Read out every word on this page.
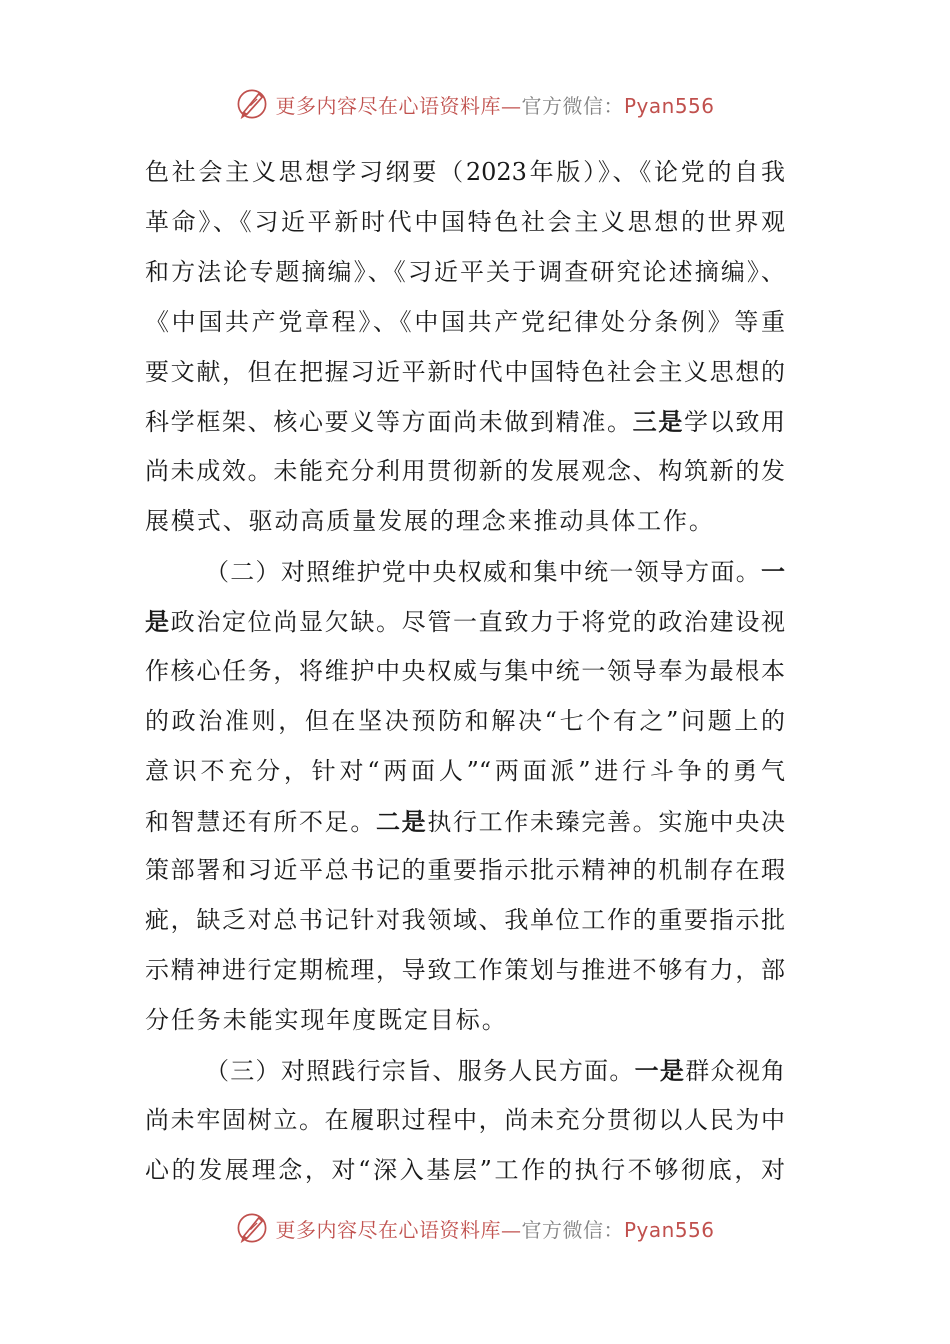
更多内容尽在心语资料库—官方微信：Pyan556
色社会主义思想学习纲要（2023年版）》、《论党的自我
革命》、《习近平新时代中国特色社会主义思想的世界观
和方法论专题摘编》、《习近平关于调查研究论述摘编》、
《中国共产党章程》、《中国共产党纪律处分条例》等重
要文献，但在把握习近平新时代中国特色社会主义思想的
科学框架、核心要义等方面尚未做到精准。三是学以致用
尚未成效。未能充分利用贯彻新的发展观念、构筑新的发
展模式、驱动高质量发展的理念来推动具体工作。
（二）对照维护党中央权威和集中统一领导方面。一
是政治定位尚显欠缺。尽管一直致力于将党的政治建设视
作核心任务，将维护中央权威与集中统一领导奉为最根本
的政治准则，但在坚决预防和解决“七个有之”问题上的
意识不充分，针对“两面人”“两面派”进行斗争的勇气
和智慧还有所不足。二是执行工作未臻完善。实施中央决
策部署和习近平总书记的重要指示批示精神的机制存在瑕
疵，缺乏对总书记针对我领域、我单位工作的重要指示批
示精神进行定期梳理，导致工作策划与推进不够有力，部
分任务未能实现年度既定目标。
（三）对照践行宗旨、服务人民方面。一是群众视角
尚未牢固树立。在履职过程中，尚未充分贯彻以人民为中
心的发展理念，对“深入基层”工作的执行不够彻底，对
更多内容尽在心语资料库—官方微信：Pyan556
